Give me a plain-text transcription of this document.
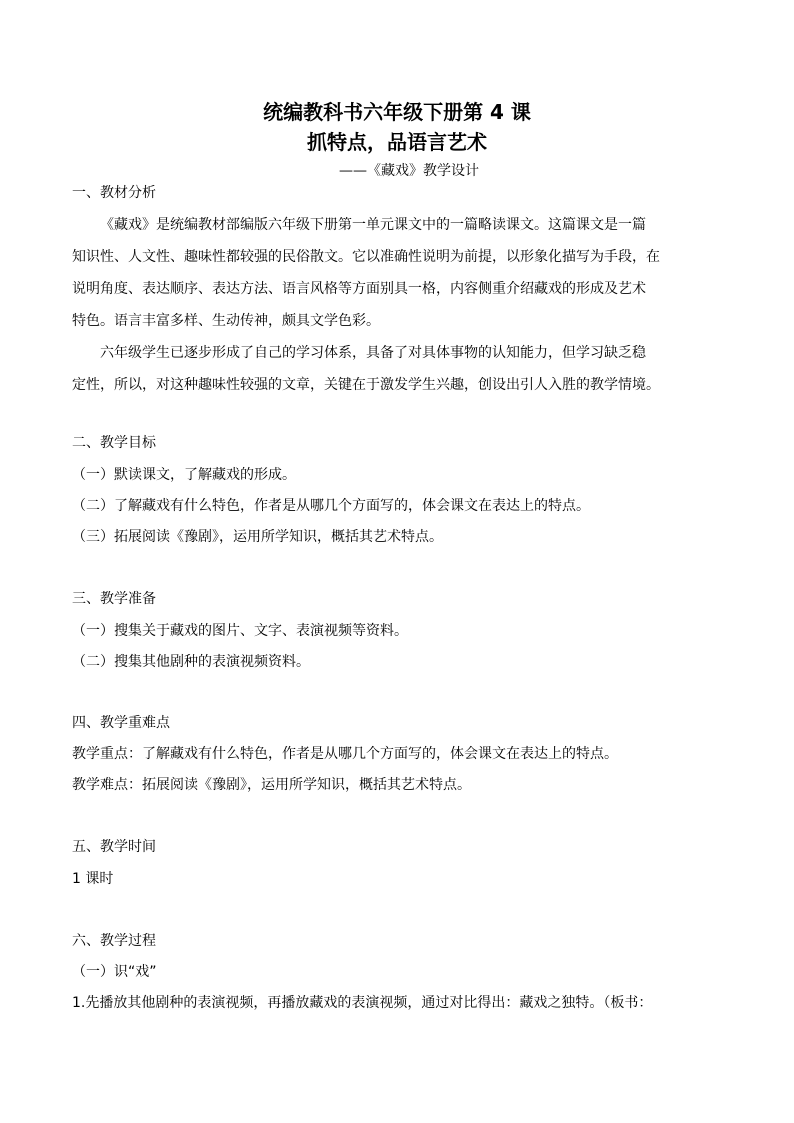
统编教科书六年级下册第 4 课
抓特点，品语言艺术
——《藏戏》教学设计
一、教材分析
《藏戏》是统编教材部编版六年级下册第一单元课文中的一篇略读课文。这篇课文是一篇
知识性、人文性、趣味性都较强的民俗散文。它以准确性说明为前提，以形象化描写为手段，在
说明角度、表达顺序、表达方法、语言风格等方面别具一格，内容侧重介绍藏戏的形成及艺术
特色。语言丰富多样、生动传神，颇具文学色彩。
六年级学生已逐步形成了自己的学习体系，具备了对具体事物的认知能力，但学习缺乏稳
定性，所以，对这种趣味性较强的文章，关键在于激发学生兴趣，创设出引人入胜的教学情境。
二、教学目标
（一）默读课文，了解藏戏的形成。
（二）了解藏戏有什么特色，作者是从哪几个方面写的，体会课文在表达上的特点。
（三）拓展阅读《豫剧》，运用所学知识，概括其艺术特点。
三、教学准备
（一）搜集关于藏戏的图片、文字、表演视频等资料。
（二）搜集其他剧种的表演视频资料。
四、教学重难点
教学重点：了解藏戏有什么特色，作者是从哪几个方面写的，体会课文在表达上的特点。
教学难点：拓展阅读《豫剧》，运用所学知识，概括其艺术特点。
五、教学时间
1 课时
六、教学过程
（一）识“戏”
1.先播放其他剧种的表演视频，再播放藏戏的表演视频，通过对比得出：藏戏之独特。（板书：
